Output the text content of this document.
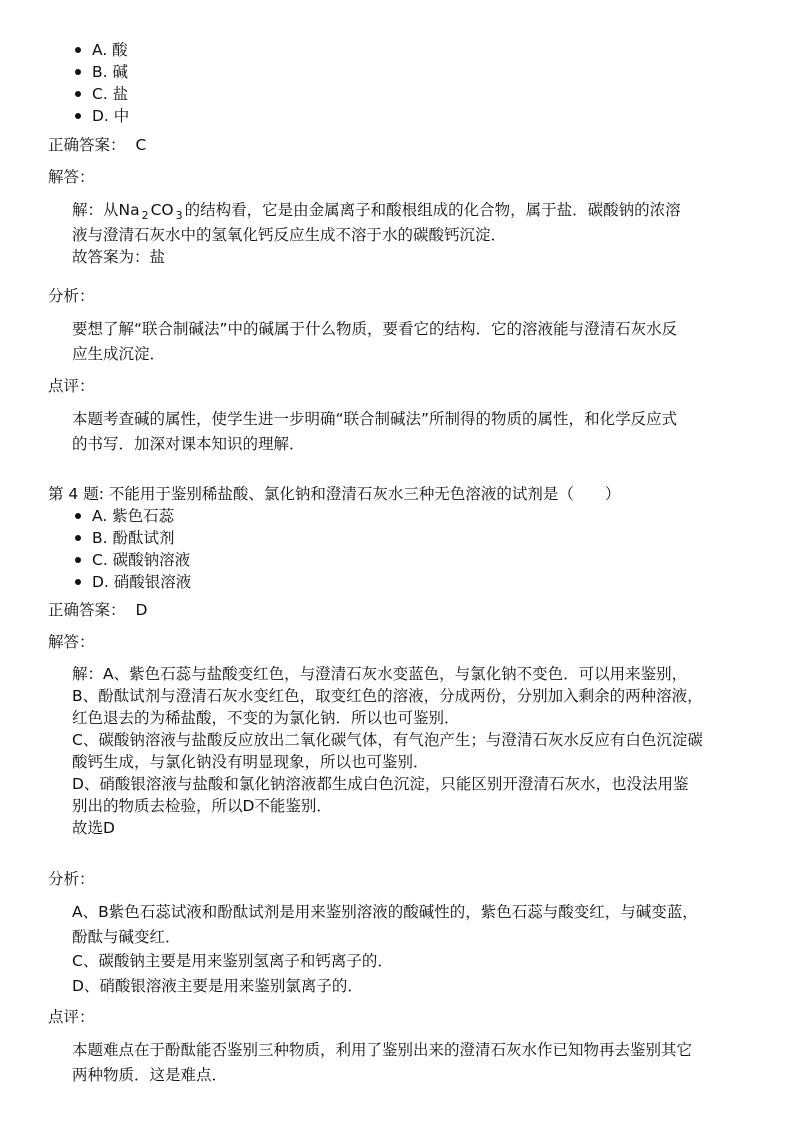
A. 酸
B. 碱
C. 盐
D. 中
正确答案： C
解答：
解：从Na $_2$ CO $_3$ 的结构看，它是由金属离子和酸根组成的化合物，属于盐．碳酸钠的浓溶
液与澄清石灰水中的氢氧化钙反应生成不溶于水的碳酸钙沉淀．
故答案为：盐
分析：
要想了解“联合制碱法”中的碱属于什么物质，要看它的结构．它的溶液能与澄清石灰水反
应生成沉淀．
点评：
本题考查碱的属性，使学生进一步明确“联合制碱法”所制得的物质的属性，和化学反应式
的书写．加深对课本知识的理解．
第 4 题: 不能用于鉴别稀盐酸、氯化钠和澄清石灰水三种无色溶液的试剂是（　　）
A. 紫色石蕊
B. 酚酞试剂
C. 碳酸钠溶液
D. 硝酸银溶液
正确答案： D
解答：
解：A、紫色石蕊与盐酸变红色，与澄清石灰水变蓝色，与氯化钠不变色．可以用来鉴别，
B、酚酞试剂与澄清石灰水变红色，取变红色的溶液，分成两份，分别加入剩余的两种溶液，
红色退去的为稀盐酸，不变的为氯化钠．所以也可鉴别．
C、碳酸钠溶液与盐酸反应放出二氧化碳气体，有气泡产生；与澄清石灰水反应有白色沉淀碳
酸钙生成，与氯化钠没有明显现象，所以也可鉴别．
D、硝酸银溶液与盐酸和氯化钠溶液都生成白色沉淀，只能区别开澄清石灰水，也没法用鉴
别出的物质去检验，所以D不能鉴别．
故选D
分析：
A、B紫色石蕊试液和酚酞试剂是用来鉴别溶液的酸碱性的，紫色石蕊与酸变红，与碱变蓝，
酚酞与碱变红．
C、碳酸钠主要是用来鉴别氢离子和钙离子的．
D、硝酸银溶液主要是用来鉴别氯离子的．
点评：
本题难点在于酚酞能否鉴别三种物质，利用了鉴别出来的澄清石灰水作已知物再去鉴别其它
两种物质．这是难点．
